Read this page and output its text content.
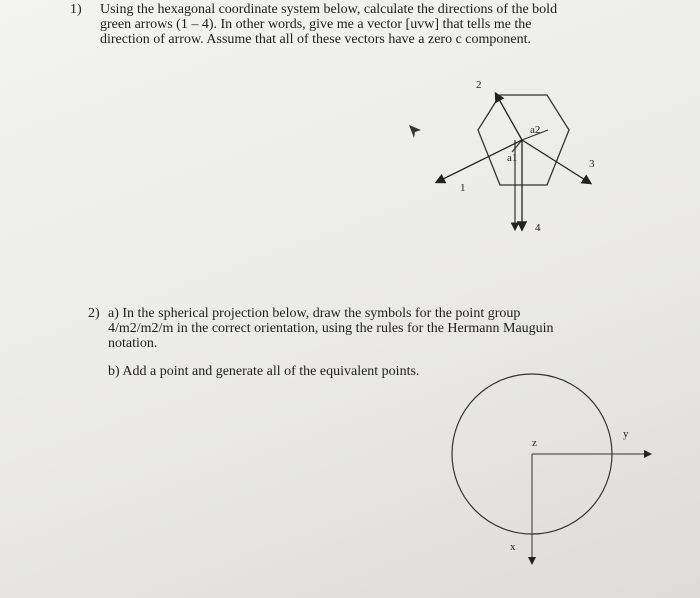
1) Using the hexagonal coordinate system below, calculate the directions of the bold
green arrows (1 – 4). In other words, give me a vector [uvw] that tells me the
direction of arrow. Assume that all of these vectors have a zero c component.
2) a) In the spherical projection below, draw the symbols for the point group
4/m2/m2/m in the correct orientation, using the rules for the Hermann Mauguin
notation.
b) Add a point and generate all of the equivalent points.
2
a2
a1	3
1
4
y
z
x
